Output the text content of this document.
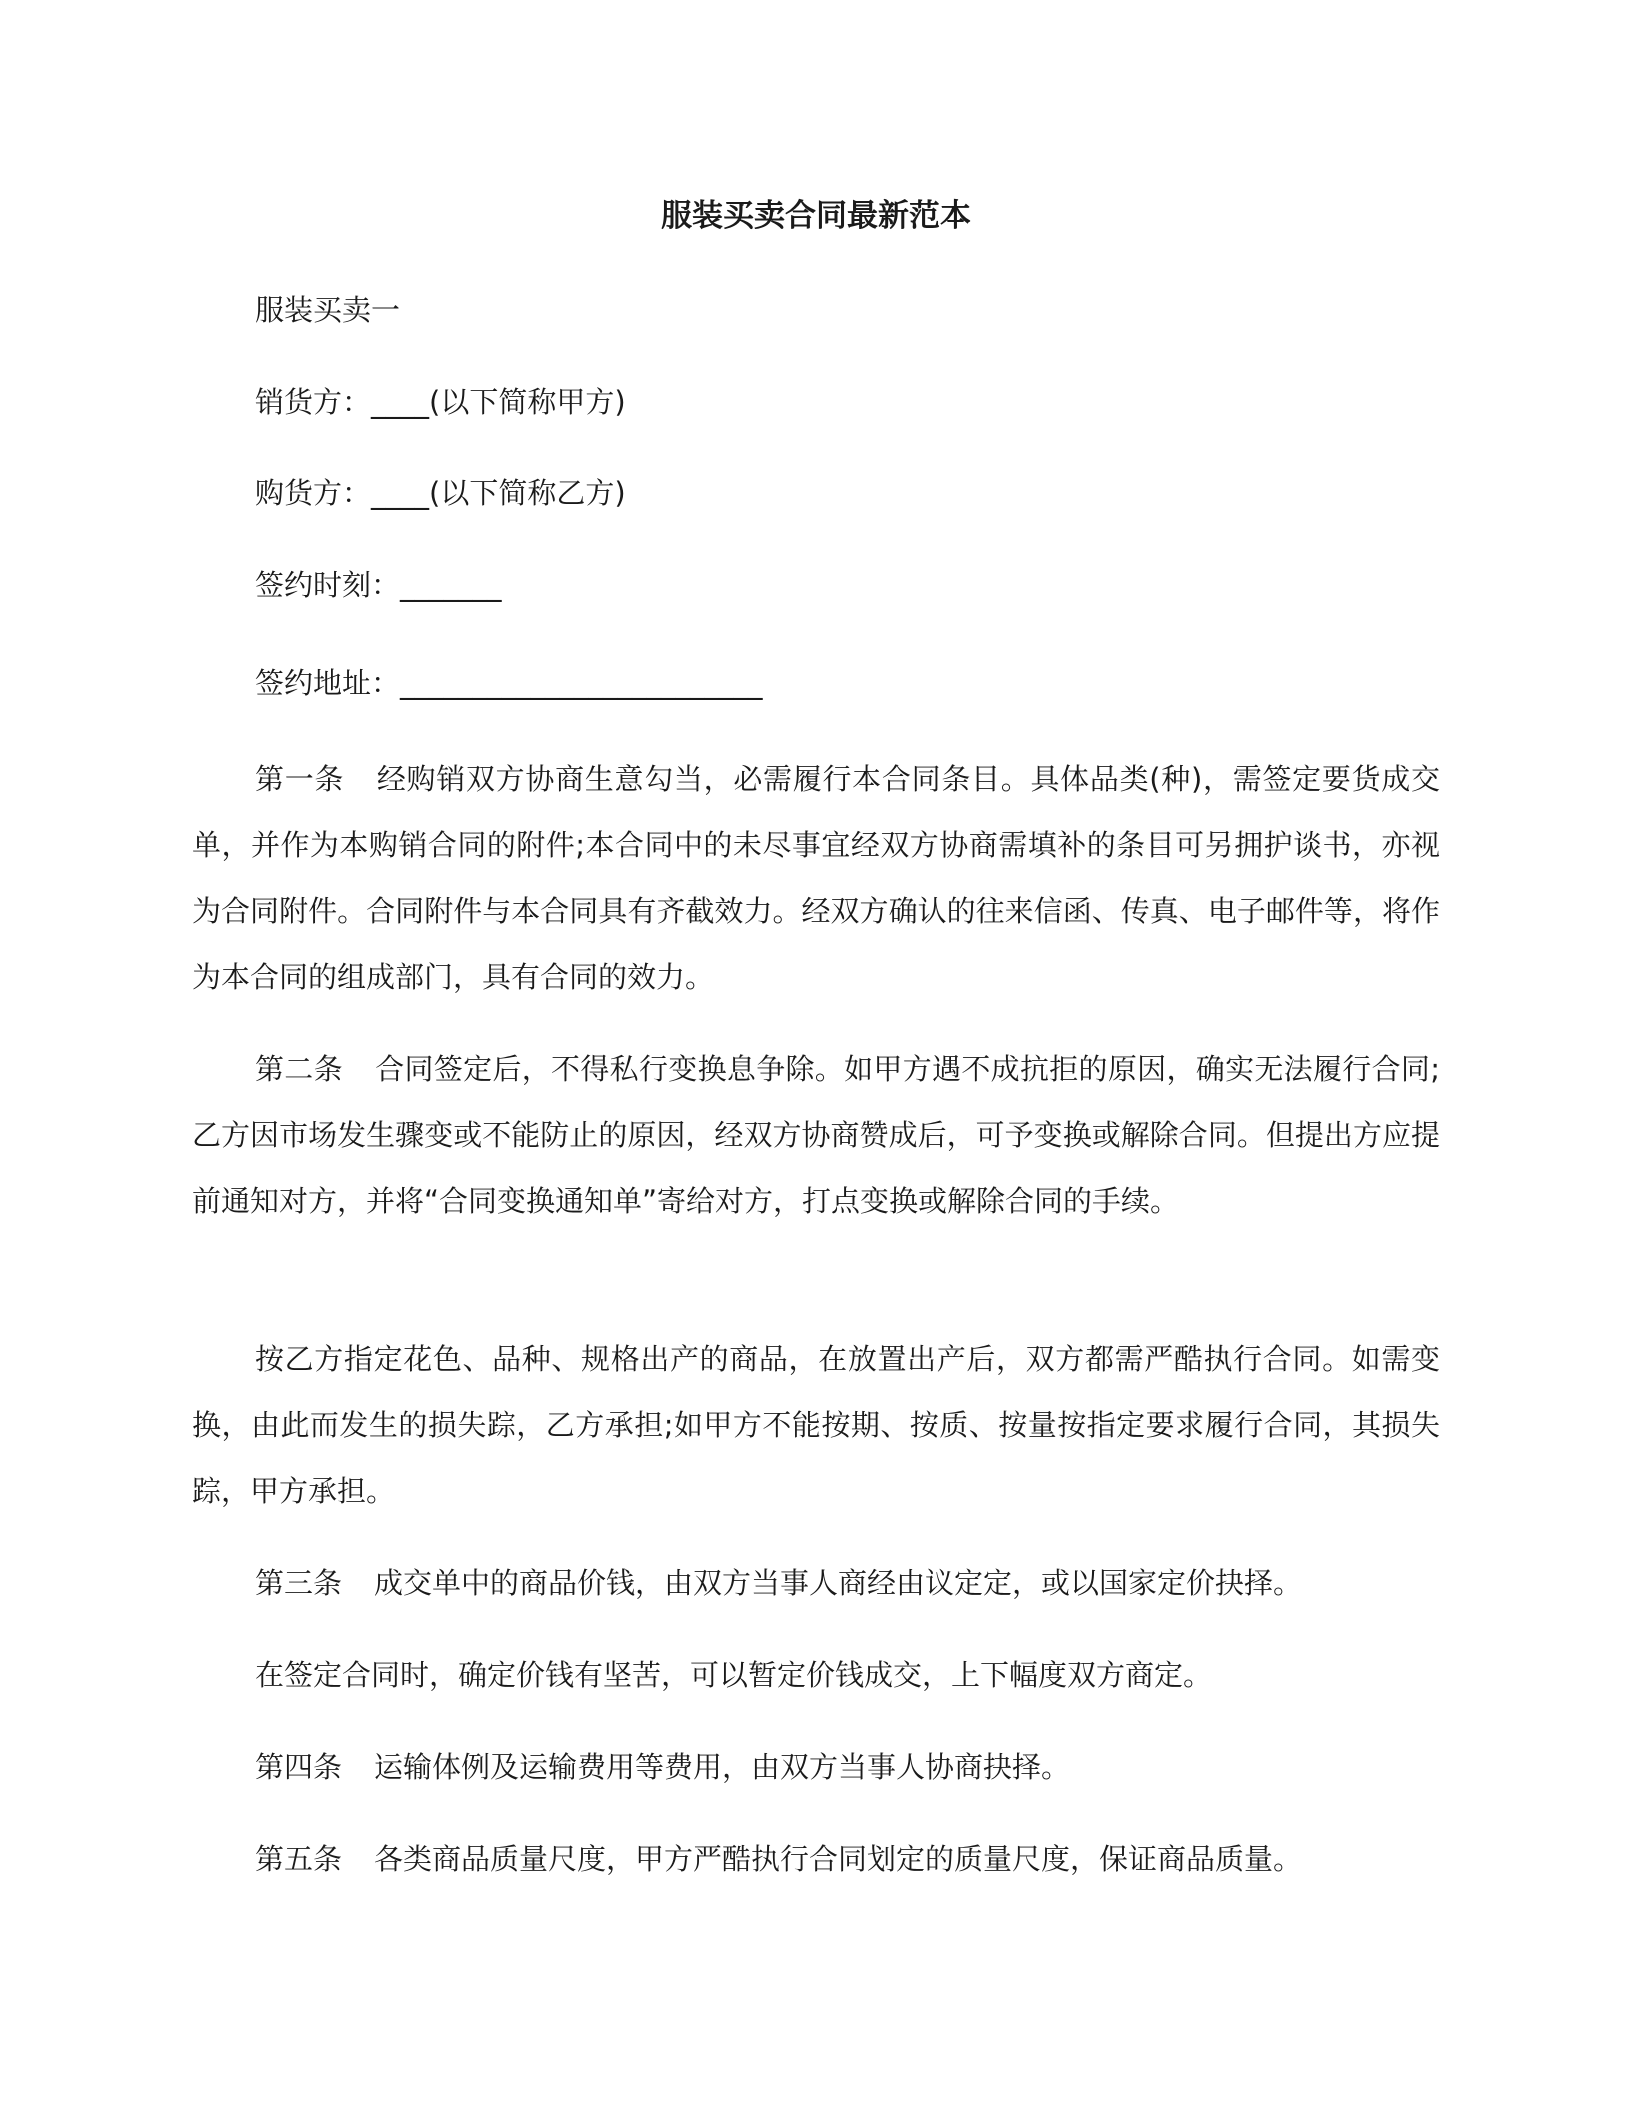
服装买卖合同最新范本
服装买卖一
销货方：____(以下简称甲方)
购货方：____(以下简称乙方)
签约时刻：_______
签约地址：_________________________

第一条 经购销双方协商生意勾当，必需履行本合同条目。具体品类(种)，需签定要货成交单，并作为本购销合同的附件;本合同中的未尽事宜经双方协商需填补的条目可另拥护谈书，亦视为合同附件。合同附件与本合同具有齐截效力。经双方确认的往来信函、传真、电子邮件等，将作为本合同的组成部门，具有合同的效力。

第二条 合同签定后，不得私行变换息争除。如甲方遇不成抗拒的原因，确实无法履行合同;乙方因市场发生骤变或不能防止的原因，经双方协商赞成后，可予变换或解除合同。但提出方应提前通知对方，并将“合同变换通知单”寄给对方，打点变换或解除合同的手续。

按乙方指定花色、品种、规格出产的商品，在放置出产后，双方都需严酷执行合同。如需变换，由此而发生的损失踪，乙方承担;如甲方不能按期、按质、按量按指定要求履行合同，其损失踪，甲方承担。

第三条 成交单中的商品价钱，由双方当事人商经由议定定，或以国家定价抉择。

在签定合同时，确定价钱有坚苦，可以暂定价钱成交，上下幅度双方商定。

第四条 运输体例及运输费用等费用，由双方当事人协商抉择。

第五条 各类商品质量尺度，甲方严酷执行合同划定的质量尺度，保证商品质量。
